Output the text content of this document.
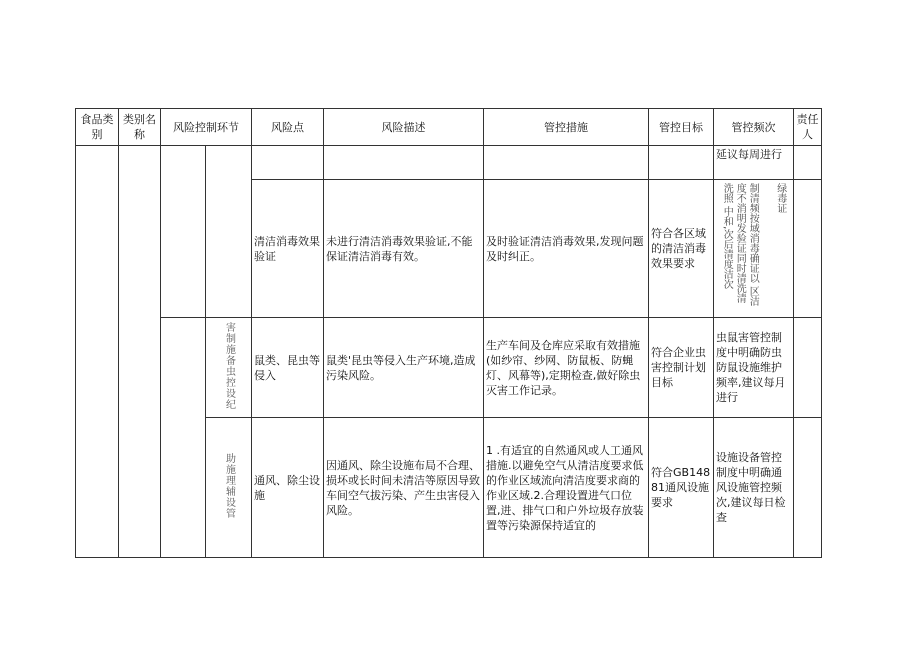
食品类别	类别名称	风险控制环节		风险点	风险描述	管控措施	管控目标	管控频次	责任人
								延议每周进行	
				清洁消毒效果验证	未进行清洁消毒效果验证,不能保证清洁消毒有效。	及时验证清洁消毒效果,发现问题及时纠正。	符合各区域的清洁消毒效果要求	制清频按域消毒确证以 区洁度不消明发验证同时清洗清洗照 中和,次后清度洁次 绿毒证	

			害制施备虫控设纪	鼠类、昆虫等侵入	鼠类'昆虫等侵入生产环境,造成污染风险。	生产车间及仓库应采取有效措施(如纱帘、纱网、防鼠板、防蝇灯、风幕等),定期检查,做好除虫灭害工作记录。	符合企业虫害控制计划目标	虫鼠害管控制度中明确防虫防鼠设施维护频率,建议每月进行	
			助施理辅设管	通风、除尘设施	因通风、除尘设施布局不合理、损坏或长时间未清洁等原因导致车间空气拔污染、产生虫害侵入风险。	1 .有适宜的自然通风或人工通风措施.以避免空气从清洁度要求低的作业区域流向清洁度要求商的作业区域.2.合理设置进气口位置,进、排气口和户外垃圾存放装置等污染源保持适宜的	符合GB14881通风设施要求	设施设备管控制度中明确通风设施管控频次,建议每日检查	
